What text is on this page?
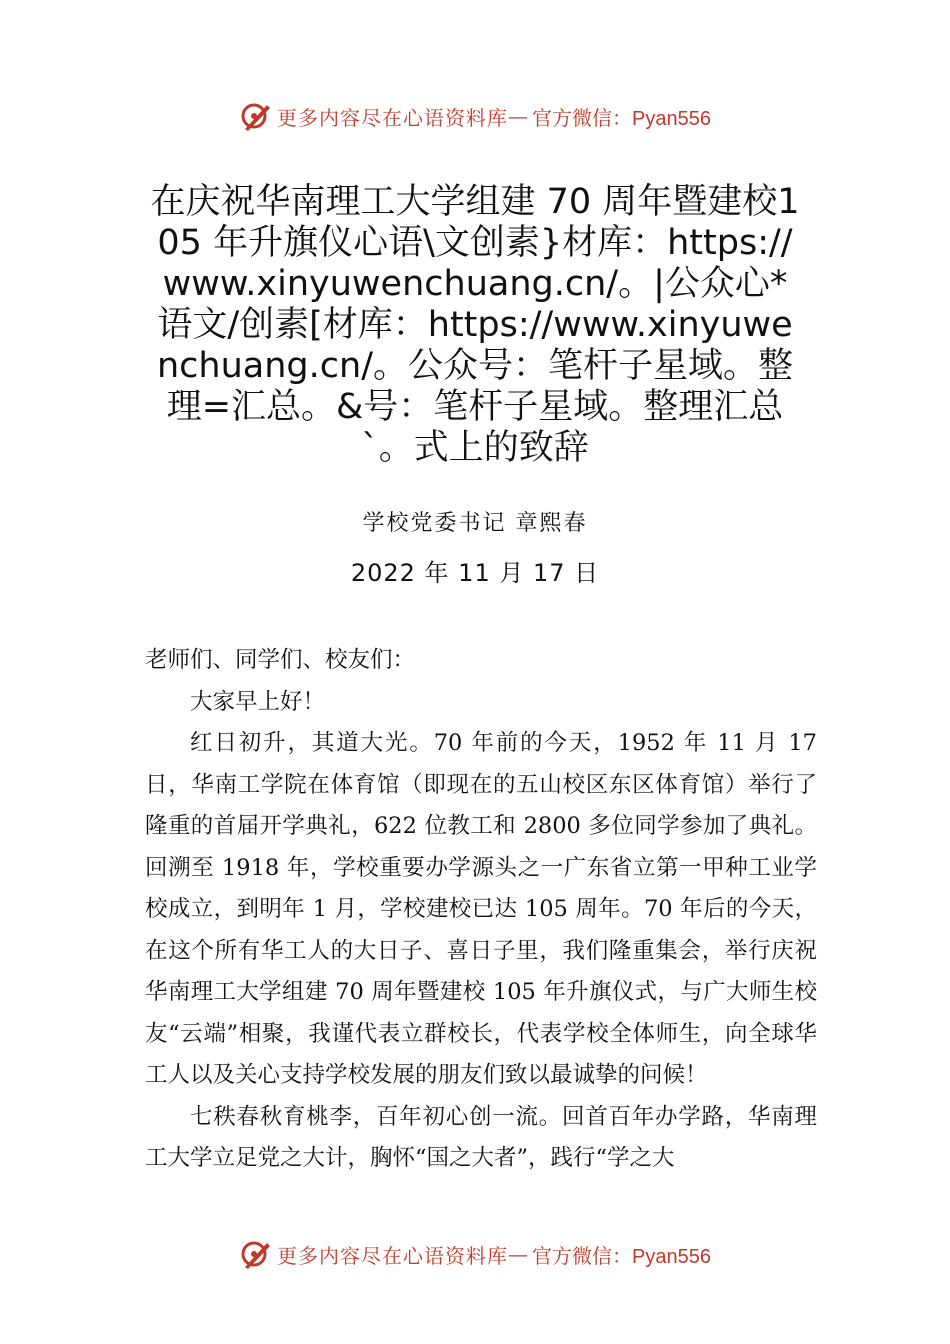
更多内容尽在心语资料库 — 官方微信：Pyan556
在庆祝华南理工大学组建 70 周年暨建校105 年升旗仪心语\文创素}材库：https://www.xinyuwenchuang.cn/。|公众心*语文/创素[材库：https://www.xinyuwenchuang.cn/。公众号：笔杆子星域。整理=汇总。&号：笔杆子星域。整理汇总`。式上的致辞
学校党委书记 章熙春
2022 年 11 月 17 日

老师们、同学们、校友们：

大家早上好！

红日初升，其道大光。70 年前的今天，1952 年 11 月 17 日，华南工学院在体育馆（即现在的五山校区东区体育馆）举行了隆重的首届开学典礼，622 位教工和 2800 多位同学参加了典礼。回溯至 1918 年，学校重要办学源头之一广东省立第一甲种工业学校成立，到明年 1 月，学校建校已达 105 周年。70 年后的今天，在这个所有华工人的大日子、喜日子里，我们隆重集会，举行庆祝华南理工大学组建 70 周年暨建校 105 年升旗仪式，与广大师生校友“云端”相聚，我谨代表立群校长，代表学校全体师生，向全球华工人以及关心支持学校发展的朋友们致以最诚挚的问候！

七秩春秋育桃李，百年初心创一流。回首百年办学路，华南理工大学立足党之大计，胸怀“国之大者”，践行“学之大

更多内容尽在心语资料库 — 官方微信：Pyan556
